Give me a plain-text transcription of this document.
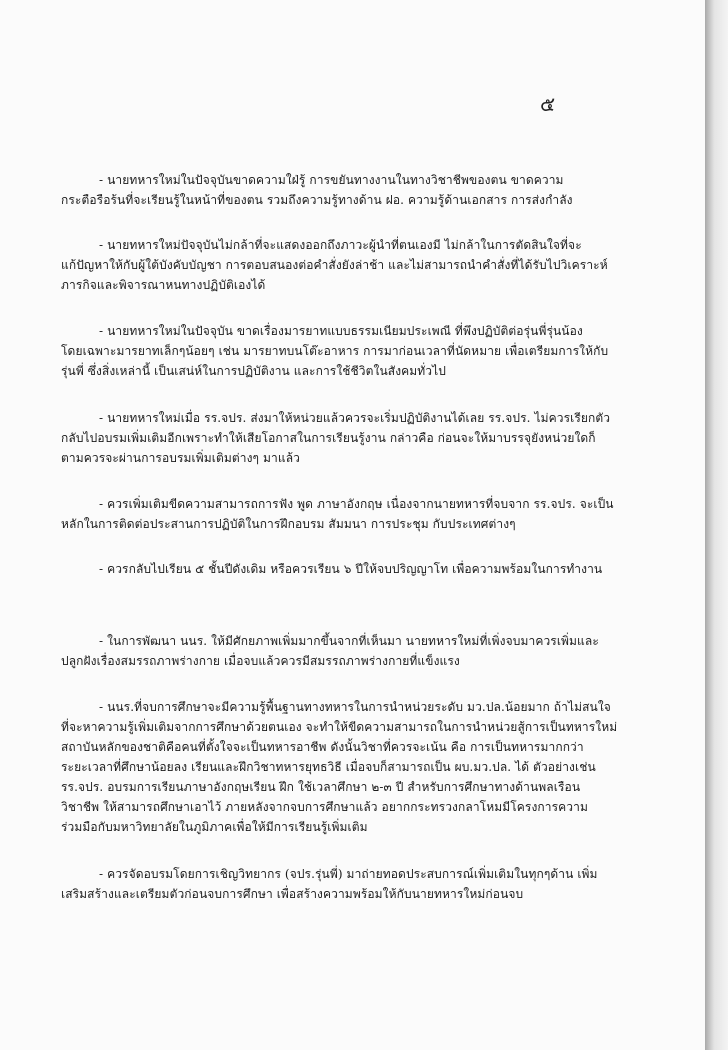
๕
- นายทหารใหม่ในปัจจุบันขาดความใฝ่รู้ การขยันทางงานในทางวิชาชีพของตน ขาดความ
กระตือรือร้นที่จะเรียนรู้ในหน้าที่ของตน รวมถึงความรู้ทางด้าน ฝอ. ความรู้ด้านเอกสาร การส่งกำลัง
- นายทหารใหม่ปัจจุบันไม่กล้าที่จะแสดงออกถึงภาวะผู้นำที่ตนเองมี ไม่กล้าในการตัดสินใจที่จะ
แก้ปัญหาให้กับผู้ใต้บังคับบัญชา การตอบสนองต่อคำสั่งยังล่าช้า และไม่สามารถนำคำสั่งที่ได้รับไปวิเคราะห์
ภารกิจและพิจารณาหนทางปฏิบัติเองได้
- นายทหารใหม่ในปัจจุบัน ขาดเรื่องมารยาทแบบธรรมเนียมประเพณี ที่พึงปฏิบัติต่อรุ่นพี่รุ่นน้อง
โดยเฉพาะมารยาทเล็กๆน้อยๆ เช่น มารยาทบนโต๊ะอาหาร การมาก่อนเวลาที่นัดหมาย เพื่อเตรียมการให้กับ
รุ่นพี่ ซึ่งสิ่งเหล่านี้ เป็นเสน่ห์ในการปฏิบัติงาน และการใช้ชีวิตในสังคมทั่วไป
- นายทหารใหม่เมื่อ รร.จปร. ส่งมาให้หน่วยแล้วควรจะเริ่มปฏิบัติงานได้เลย รร.จปร. ไม่ควรเรียกตัว
กลับไปอบรมเพิ่มเติมอีกเพราะทำให้เสียโอกาสในการเรียนรู้งาน กล่าวคือ ก่อนจะให้มาบรรจุยังหน่วยใดก็
ตามควรจะผ่านการอบรมเพิ่มเติมต่างๆ มาแล้ว
- ควรเพิ่มเติมขีดความสามารถการฟัง พูด ภาษาอังกฤษ เนื่องจากนายทหารที่จบจาก รร.จปร. จะเป็น
หลักในการติดต่อประสานการปฏิบัติในการฝึกอบรม สัมมนา การประชุม กับประเทศต่างๆ
- ควรกลับไปเรียน ๕ ชั้นปีดังเดิม หรือควรเรียน ๖ ปีให้จบปริญญาโท เพื่อความพร้อมในการทำงาน
- ในการพัฒนา นนร. ให้มีศักยภาพเพิ่มมากขึ้นจากที่เห็นมา นายทหารใหม่ที่เพิ่งจบมาควรเพิ่มและ
ปลูกฝังเรื่องสมรรถภาพร่างกาย เมื่อจบแล้วควรมีสมรรถภาพร่างกายที่แข็งแรง
- นนร.ที่จบการศึกษาจะมีความรู้พื้นฐานทางทหารในการนำหน่วยระดับ มว.ปล.น้อยมาก ถ้าไม่สนใจ
ที่จะหาความรู้เพิ่มเติมจากการศึกษาด้วยตนเอง จะทำให้ขีดความสามารถในการนำหน่วยสู้การเป็นทหารใหม่
สถาบันหลักของชาติคือคนที่ตั้งใจจะเป็นทหารอาชีพ ดังนั้นวิชาที่ควรจะเน้น คือ การเป็นทหารมากกว่า
ระยะเวลาที่ศึกษาน้อยลง เรียนและฝึกวิชาทหารยุทธวิธี เมื่อจบก็สามารถเป็น ผบ.มว.ปล. ได้ ตัวอย่างเช่น
รร.จปร. อบรมการเรียนภาษาอังกฤษเรียน ฝึก ใช้เวลาศึกษา ๒-๓ ปี สำหรับการศึกษาทางด้านพลเรือน
วิชาชีพ ให้สามารถศึกษาเอาไว้ ภายหลังจากจบการศึกษาแล้ว อยากกระทรวงกลาโหมมีโครงการความ
ร่วมมือกับมหาวิทยาลัยในภูมิภาคเพื่อให้มีการเรียนรู้เพิ่มเติม
- ควรจัดอบรมโดยการเชิญวิทยากร (จปร.รุ่นพี่) มาถ่ายทอดประสบการณ์เพิ่มเติมในทุกๆด้าน เพิ่ม
เสริมสร้างและเตรียมตัวก่อนจบการศึกษา เพื่อสร้างความพร้อมให้กับนายทหารใหม่ก่อนจบ
